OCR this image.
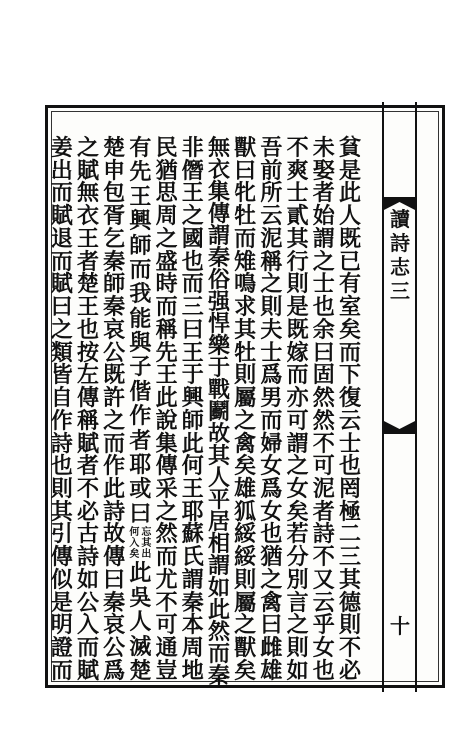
讀
詩
志
三
十
貧
是
此
人
既
已
有
室
矣
而
下
復
云
士
也
罔
極
二
三
其
德
則
不
必
未
娶
者
始
謂
之
士
也
余
曰
固
然
然
不
可
泥
者
詩
不
又
云
乎
女
也
不
爽
士
貳
其
行
則
是
既
嫁
而
亦
可
謂
之
女
矣
若
分
別
言
之
則
如
吾
前
所
云
泥
稱
之
則
夫
士
爲
男
而
婦
女
爲
女
也
猶
之
禽
曰
雌
雄
獸
曰
牝
牡
而
雉
鳴
求
其
牡
則
屬
之
禽
矣
雄
狐
綏
綏
則
屬
之
獸
矣
無
衣
集
傳
謂
秦
俗
强
悍
樂
于
戰
鬬
故
其
人
平
居
相
謂
如
此
然
而
秦
非
僭
王
之
國
也
而
三
曰
王
于
興
師
此
何
王
耶
蘇
氏
謂
秦
本
周
地
民
猶
思
周
之
盛
時
而
稱
先
王
此
說
集
傳
采
之
然
而
尤
不
可
通
豈
有
先
王
興
師
而
我
能
與
子
偕
作
者
耶
或
曰
忘
其
出
何
入
矣
此
吳
人
滅
楚
楚
申
包
胥
乞
秦
師
秦
哀
公
既
許
之
而
作
此
詩
故
傳
曰
秦
哀
公
爲
之
賦
無
衣
王
者
楚
王
也
按
左
傳
稱
賦
者
不
必
古
詩
如
公
入
而
賦
姜
出
而
賦
退
而
賦
曰
之
類
皆
自
作
詩
也
則
其
引
傳
似
是
明
證
而
